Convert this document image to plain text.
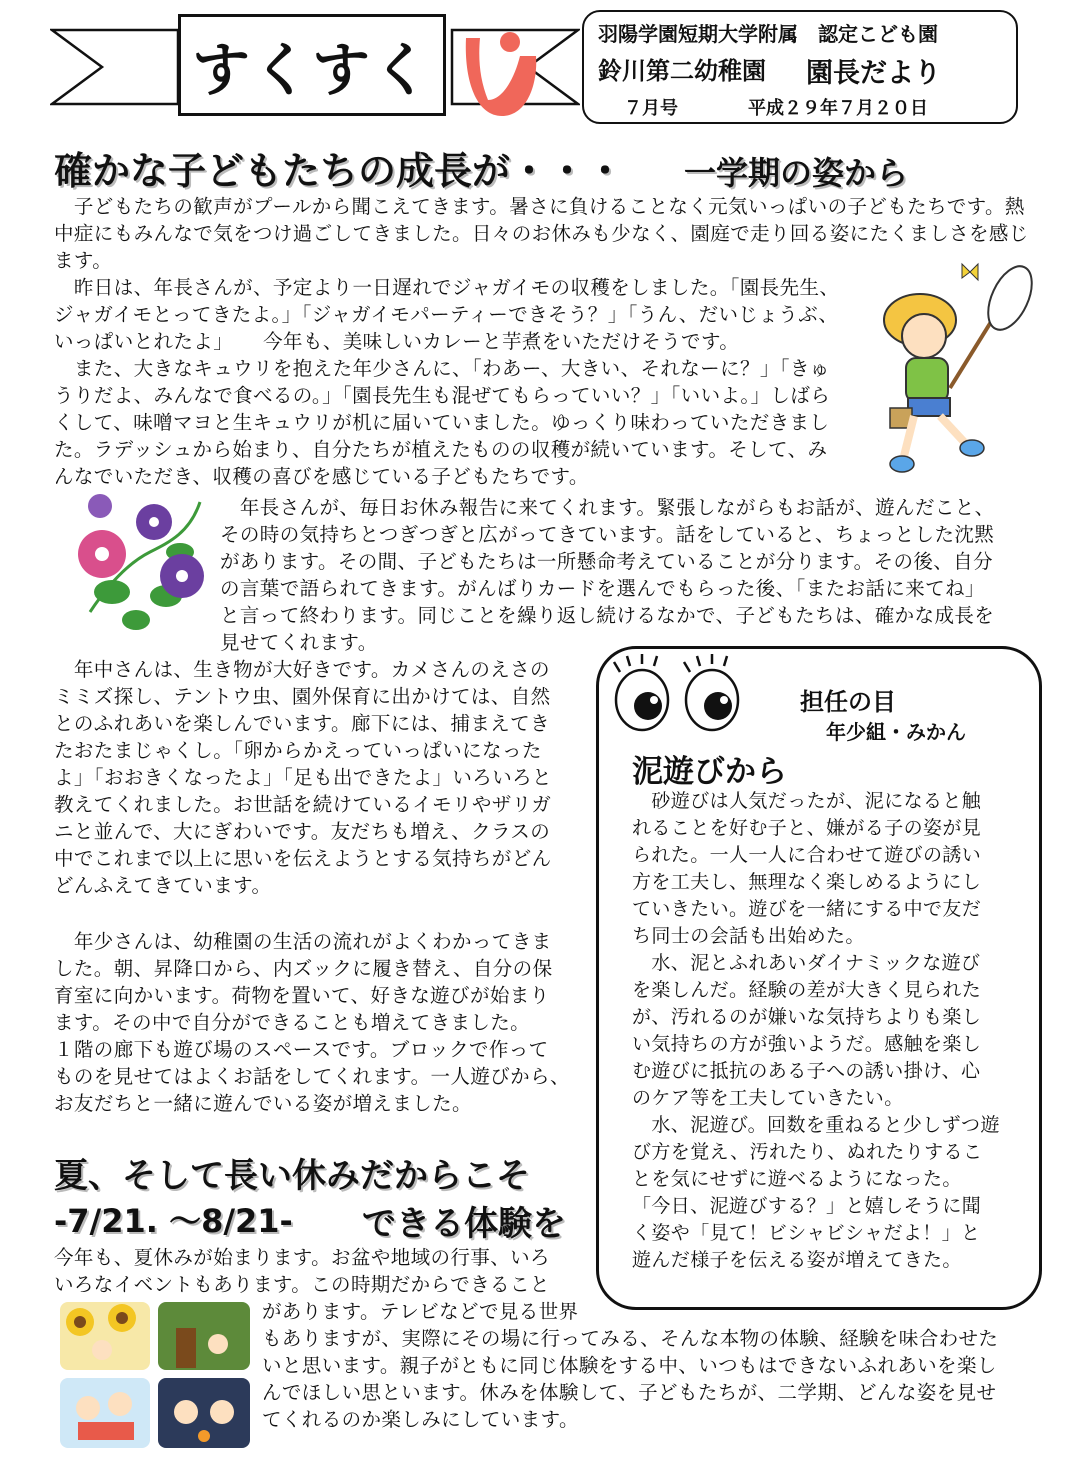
すくすく
羽陽学園短期大学附属　認定こども園
鈴川第二幼稚園 園長だより
７月号	平成２９年７月２０日
確かな子どもたちの成長が・・・ 一学期の姿から

　子どもたちの歓声がプールから聞こえてきます。暑さに負けることなく元気いっぱいの子どもたちです。熱中症にもみんなで気をつけ過ごしてきました。日々のお休みも少なく、園庭で走り回る姿にたくましさを感じます。

　昨日は、年長さんが、予定より一日遅れでジャガイモの収穫をしました。「園長先生、
ジャガイモとってきたよ。」「ジャガイモパーティーできそう？」「うん、だいじょうぶ、
いっぱいとれたよ」　　今年も、美味しいカレーと芋煮をいただけそうです。
　また、大きなキュウリを抱えた年少さんに、「わあー、大きい、それなーに？」「きゅ
うりだよ、みんなで食べるの。」「園長先生も混ぜてもらっていい？」「いいよ。」しばら
くして、味噌マヨと生キュウリが机に届いていました。ゆっくり味わっていただきまし
た。ラデッシュから始まり、自分たちが植えたものの収穫が続いています。そして、み
んなでいただき、収穫の喜びを感じている子どもたちです。

　年長さんが、毎日お休み報告に来てくれます。緊張しながらもお話が、遊んだこと、
その時の気持ちとつぎつぎと広がってきています。話をしていると、ちょっとした沈黙
があります。その間、子どもたちは一所懸命考えていることが分ります。その後、自分
の言葉で語られてきます。がんばりカードを選んでもらった後、「またお話に来てね」
と言って終わります。同じことを繰り返し続けるなかで、子どもたちは、確かな成長を
見せてくれます。

　年中さんは、生き物が大好きです。カメさんのえさの
ミミズ探し、テントウ虫、園外保育に出かけては、自然
とのふれあいを楽しんでいます。廊下には、捕まえてき
たおたまじゃくし。「卵からかえっていっぱいになった
よ」「おおきくなったよ」「足も出できたよ」いろいろと
教えてくれました。お世話を続けているイモリやザリガ
ニと並んで、大にぎわいです。友だちも増え、クラスの
中でこれまで以上に思いを伝えようとする気持ちがどん
どんふえてきています。

　年少さんは、幼稚園の生活の流れがよくわかってきま
した。朝、昇降口から、内ズックに履き替え、自分の保
育室に向かいます。荷物を置いて、好きな遊びが始まり
ます。その中で自分ができることも増えてきました。
１階の廊下も遊び場のスペースです。ブロックで作って
ものを見せてはよくお話をしてくれます。一人遊びから、
お友だちと一緒に遊んでいる姿が増えました。

担任の目
年少組・みかん
泥遊びから

　砂遊びは人気だったが、泥になると触
れることを好む子と、嫌がる子の姿が見
られた。一人一人に合わせて遊びの誘い
方を工夫し、無理なく楽しめるようにし
ていきたい。遊びを一緒にする中で友だ
ち同士の会話も出始めた。
　水、泥とふれあいダイナミックな遊び
を楽しんだ。経験の差が大きく見られた
が、汚れるのが嫌いな気持ちよりも楽し
い気持ちの方が強いようだ。感触を楽し
む遊びに抵抗のある子への誘い掛け、心
のケア等を工夫していきたい。
　水、泥遊び。回数を重ねると少しずつ遊
び方を覚え、汚れたり、ぬれたりするこ
とを気にせずに遊べるようになった。
「今日、泥遊びする？」と嬉しそうに聞
く姿や「見て！ビシャビシャだよ！」と
遊んだ様子を伝える姿が増えてきた。

夏、そして長い休みだからこそ
-7/21. ～8/21- できる体験を

今年も、夏休みが始まります。お盆や地域の行事、いろ
いろなイベントもあります。この時期だからできること

があります。テレビなどで見る世界
もありますが、実際にその場に行ってみる、そんな本物の体験、経験を味合わせた
いと思います。親子がともに同じ体験をする中、いつもはできないふれあいを楽し
んでほしい思といます。休みを体験して、子どもたちが、二学期、どんな姿を見せ
てくれるのか楽しみにしています。
